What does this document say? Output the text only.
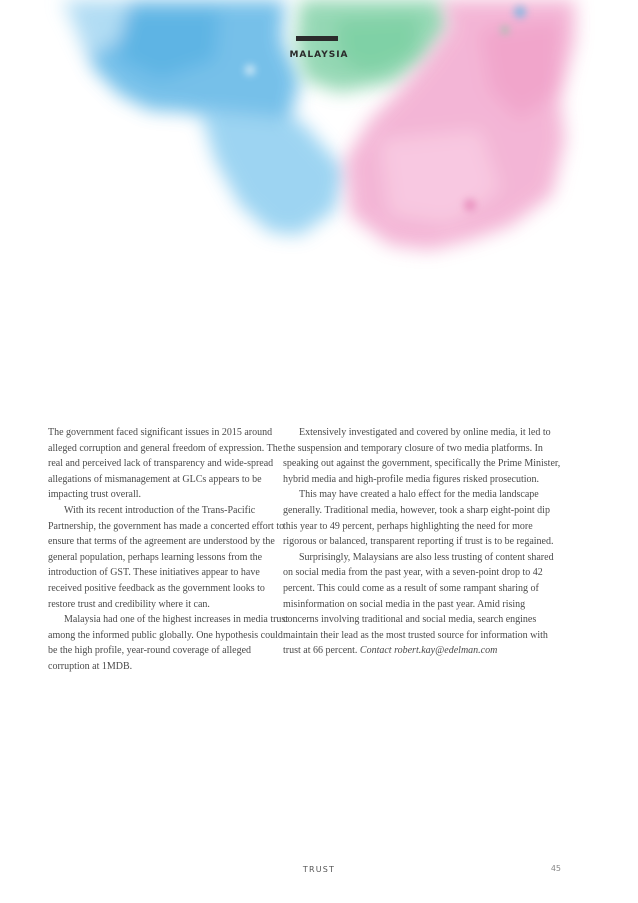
MALAYSIA

The government faced significant issues in 2015 around alleged corruption and general freedom of expression. The real and perceived lack of transparency and wide-spread allegations of mismanagement at GLCs appears to be impacting trust overall.

With its recent introduction of the Trans-Pacific Partnership, the government has made a concerted effort to ensure that terms of the agreement are understood by the general population, perhaps learning lessons from the introduction of GST. These initiatives appear to have received positive feedback as the government looks to restore trust and credibility where it can.

Malaysia had one of the highest increases in media trust among the informed public globally. One hypothesis could be the high profile, year-round coverage of alleged corruption at 1MDB.

Extensively investigated and covered by online media, it led to the suspension and temporary closure of two media platforms. In speaking out against the government, specifically the Prime Minister, hybrid media and high-profile media figures risked prosecution.

This may have created a halo effect for the media landscape generally. Traditional media, however, took a sharp eight-point dip this year to 49 percent, perhaps highlighting the need for more rigorous or balanced, transparent reporting if trust is to be regained.

Surprisingly, Malaysians are also less trusting of content shared on social media from the past year, with a seven-point drop to 42 percent. This could come as a result of some rampant sharing of misinformation on social media in the past year. Amid rising concerns involving traditional and social media, search engines maintain their lead as the most trusted source for information with trust at 66 percent. Contact robert.kay@edelman.com

TRUST	45
